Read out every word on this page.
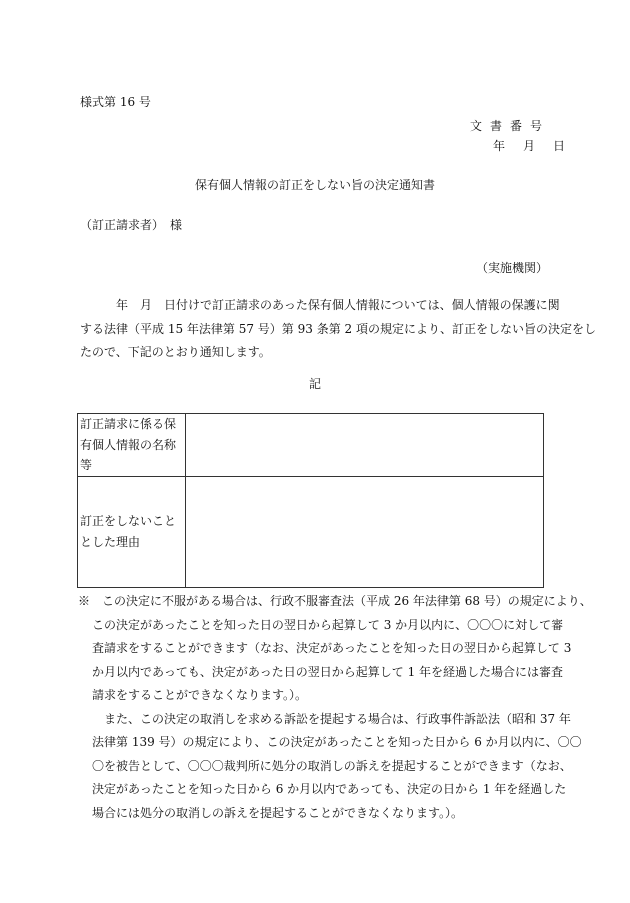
様式第 16 号
文書番号
年　月　日
保有個人情報の訂正をしない旨の決定通知書
（訂正請求者）　様
（実施機関）
　　　年　月　日付けで訂正請求のあった保有個人情報については、個人情報の保護に関
する法律（平成 15 年法律第 57 号）第 93 条第 2 項の規定により、訂正をしない旨の決定をし
たので、下記のとおり通知します。
記
訂正請求に係る保
有個人情報の名称
等	

訂正をしないこと
とした理由	

※　この決定に不服がある場合は、行政不服審査法（平成 26 年法律第 68 号）の規定により、
この決定があったことを知った日の翌日から起算して 3 か月以内に、〇〇〇に対して審
査請求をすることができます（なお、決定があったことを知った日の翌日から起算して 3
か月以内であっても、決定があった日の翌日から起算して 1 年を経過した場合には審査
請求をすることができなくなります。）。
　また、この決定の取消しを求める訴訟を提起する場合は、行政事件訴訟法（昭和 37 年
法律第 139 号）の規定により、この決定があったことを知った日から 6 か月以内に、〇〇
〇を被告として、〇〇〇裁判所に処分の取消しの訴えを提起することができます（なお、
決定があったことを知った日から 6 か月以内であっても、決定の日から 1 年を経過した
場合には処分の取消しの訴えを提起することができなくなります。）。
